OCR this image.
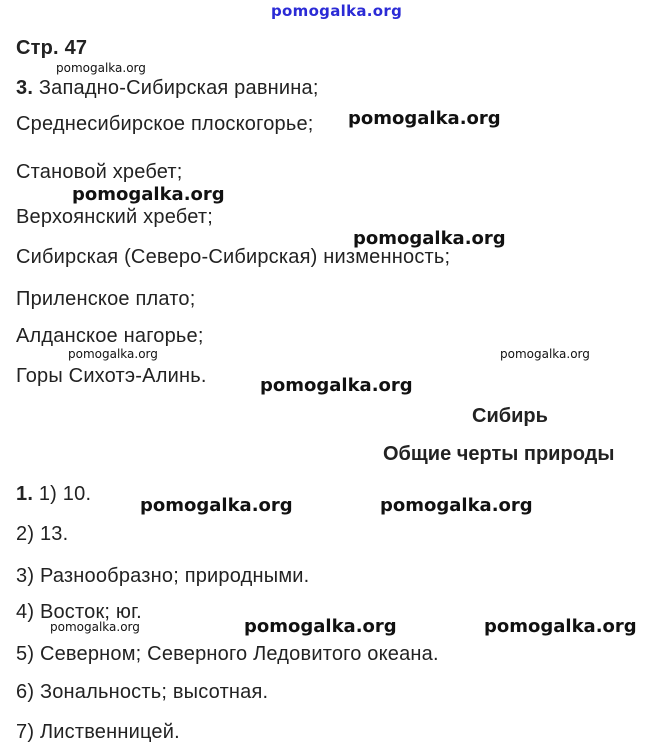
pomogalka.org
Стр. 47
3. Западно-Сибирская равнина;
Среднесибирское плоскогорье;
Становой хребет;
Верхоянский хребет;
Сибирская (Северо-Сибирская) низменность;
Приленское плато;
Алданское нагорье;
Горы Сихотэ-Алинь.
Сибирь
Общие черты природы
1. 1) 10.
2) 13.
3) Разнообразно; природными.
4) Восток; юг.
5) Северном; Северного Ледовитого океана.
6) Зональность; высотная.
7) Лиственницей.
pomogalka.org
pomogalka.org
pomogalka.org
pomogalka.org
pomogalka.org	pomogalka.org
pomogalka.org
pomogalka.org	pomogalka.org
pomogalka.org	pomogalka.org	pomogalka.org
